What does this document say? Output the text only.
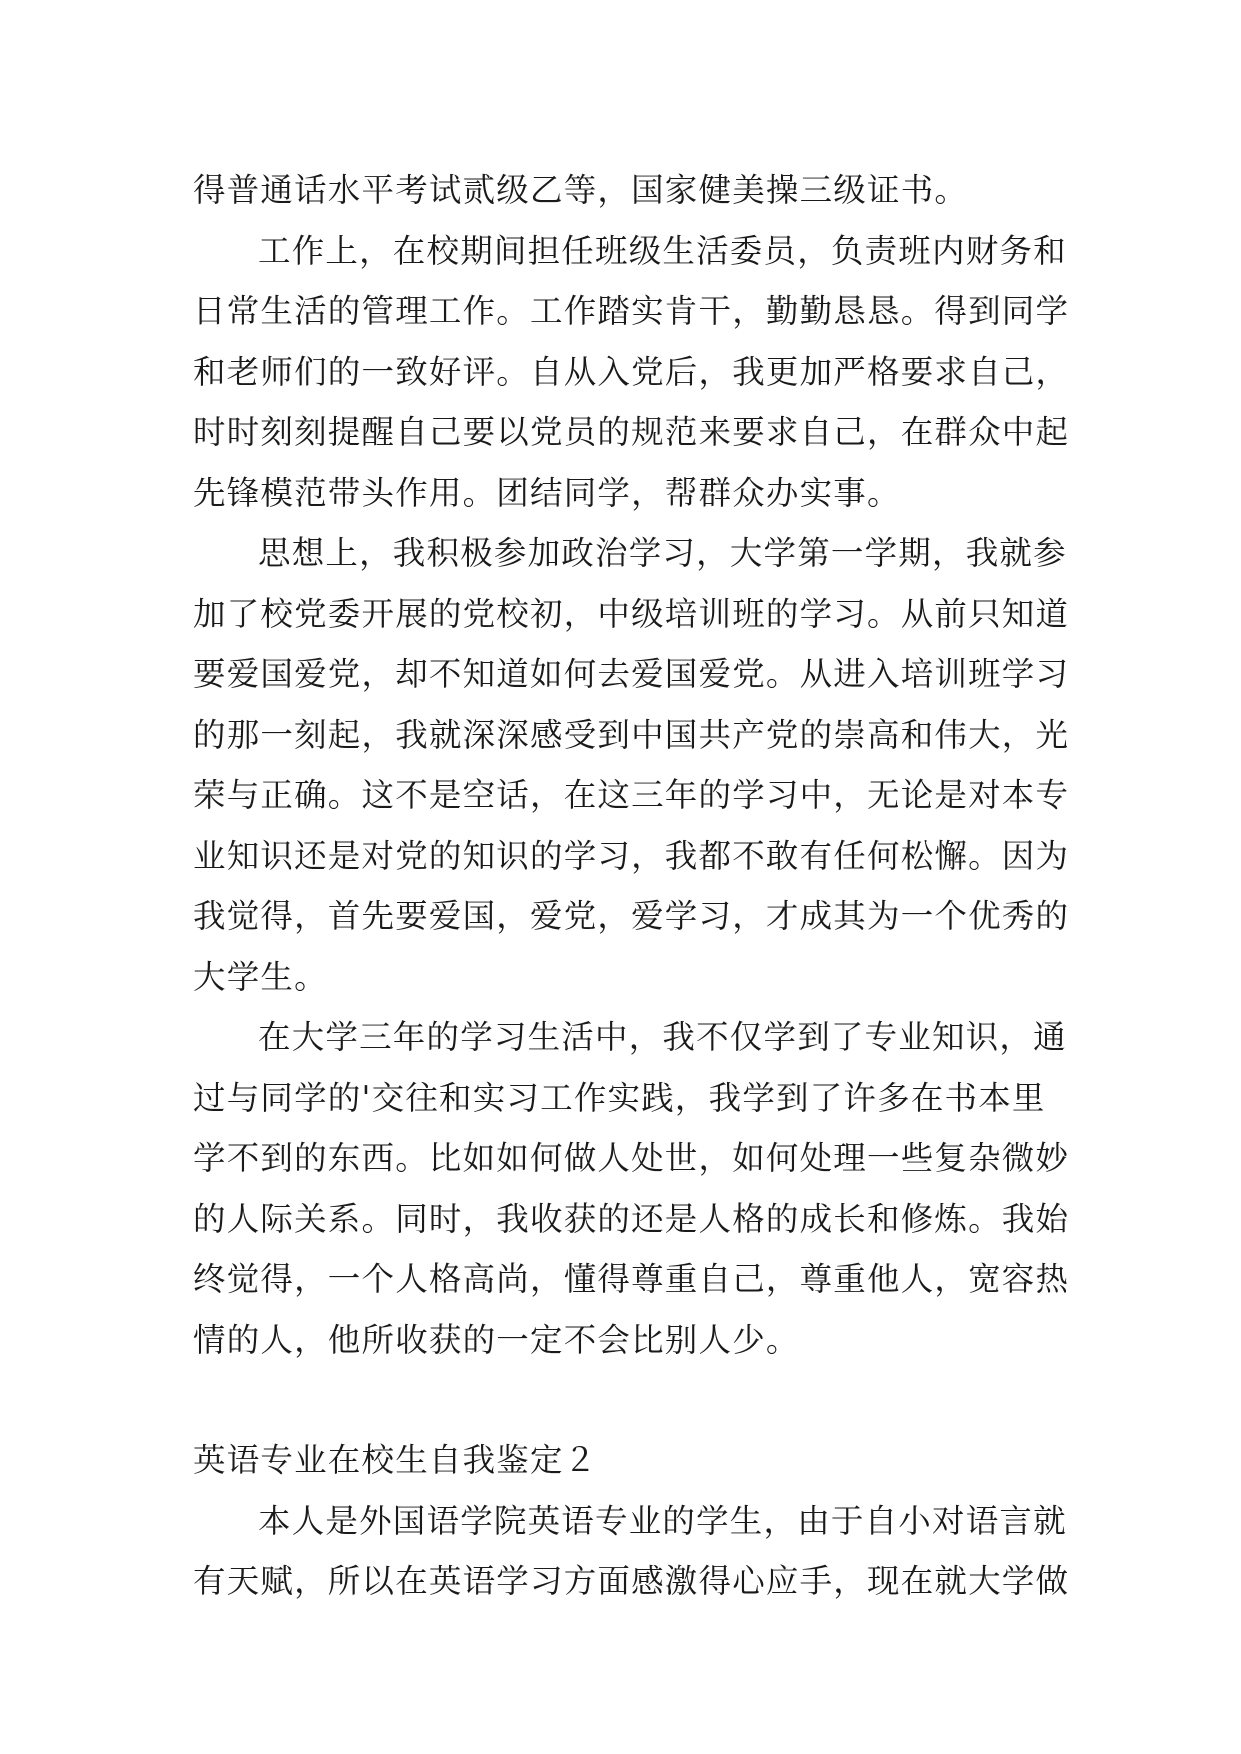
得普通话水平考试贰级乙等，国家健美操三级证书。
工作上，在校期间担任班级生活委员，负责班内财务和
日常生活的管理工作。工作踏实肯干，勤勤恳恳。得到同学
和老师们的一致好评。自从入党后，我更加严格要求自己，
时时刻刻提醒自己要以党员的规范来要求自己，在群众中起
先锋模范带头作用。团结同学，帮群众办实事。
思想上，我积极参加政治学习，大学第一学期，我就参
加了校党委开展的党校初，中级培训班的学习。从前只知道
要爱国爱党，却不知道如何去爱国爱党。从进入培训班学习
的那一刻起，我就深深感受到中国共产党的崇高和伟大，光
荣与正确。这不是空话，在这三年的学习中，无论是对本专
业知识还是对党的知识的学习，我都不敢有任何松懈。因为
我觉得，首先要爱国，爱党，爱学习，才成其为一个优秀的
大学生。
在大学三年的学习生活中，我不仅学到了专业知识，通
过与同学的'交往和实习工作实践，我学到了许多在书本里
学不到的东西。比如如何做人处世，如何处理一些复杂微妙
的人际关系。同时，我收获的还是人格的成长和修炼。我始
终觉得，一个人格高尚，懂得尊重自己，尊重他人，宽容热
情的人，他所收获的一定不会比别人少。
英语专业在校生自我鉴定２
本人是外国语学院英语专业的学生，由于自小对语言就
有天赋，所以在英语学习方面感激得心应手，现在就大学做
